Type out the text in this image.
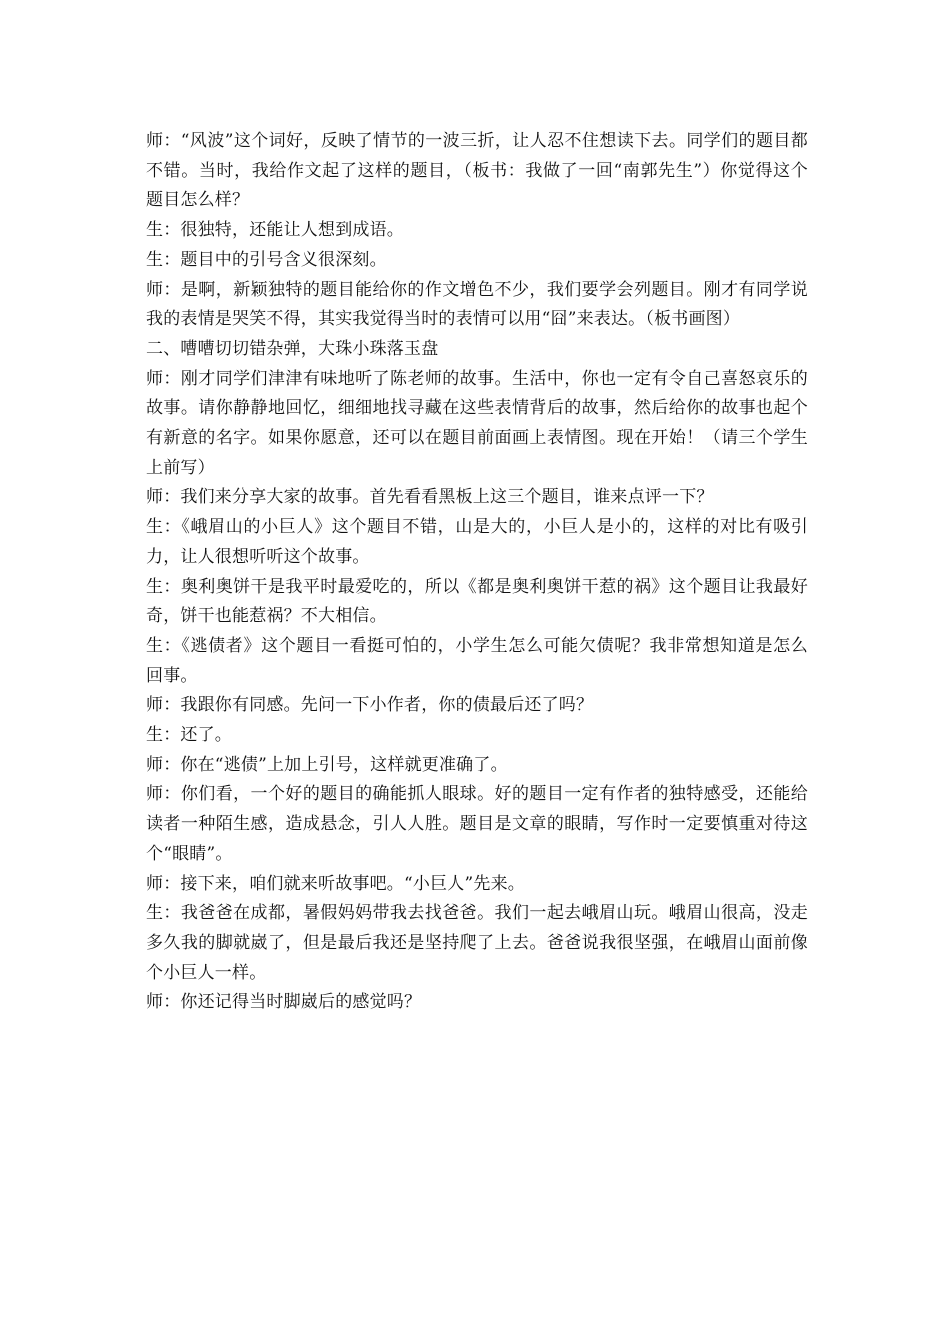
师：“风波”这个词好，反映了情节的一波三折，让人忍不住想读下去。同学们的题目都不错。当时，我给作文起了这样的题目，（板书：我做了一回“南郭先生”）你觉得这个题目怎么样？

生：很独特，还能让人想到成语。

生：题目中的引号含义很深刻。

师：是啊，新颖独特的题目能给你的作文增色不少，我们要学会列题目。刚才有同学说我的表情是哭笑不得，其实我觉得当时的表情可以用“囧”来表达。（板书画图）

二、嘈嘈切切错杂弹，大珠小珠落玉盘

师：刚才同学们津津有味地听了陈老师的故事。生活中，你也一定有令自己喜怒哀乐的故事。请你静静地回忆，细细地找寻藏在这些表情背后的故事，然后给你的故事也起个有新意的名字。如果你愿意，还可以在题目前面画上表情图。现在开始！（请三个学生上前写）

师：我们来分享大家的故事。首先看看黑板上这三个题目，谁来点评一下？

生：《峨眉山的小巨人》这个题目不错，山是大的，小巨人是小的，这样的对比有吸引力，让人很想听听这个故事。

生：奥利奥饼干是我平时最爱吃的，所以《都是奥利奥饼干惹的祸》这个题目让我最好奇，饼干也能惹祸？不大相信。

生：《逃债者》这个题目一看挺可怕的，小学生怎么可能欠债呢？我非常想知道是怎么回事。

师：我跟你有同感。先问一下小作者，你的债最后还了吗？

生：还了。

师：你在“逃债”上加上引号，这样就更准确了。

师：你们看，一个好的题目的确能抓人眼球。好的题目一定有作者的独特感受，还能给读者一种陌生感，造成悬念，引人人胜。题目是文章的眼睛，写作时一定要慎重对待这个“眼睛”。

师：接下来，咱们就来听故事吧。“小巨人”先来。

生：我爸爸在成都，暑假妈妈带我去找爸爸。我们一起去峨眉山玩。峨眉山很高，没走多久我的脚就崴了，但是最后我还是坚持爬了上去。爸爸说我很坚强，在峨眉山面前像个小巨人一样。

师：你还记得当时脚崴后的感觉吗？
